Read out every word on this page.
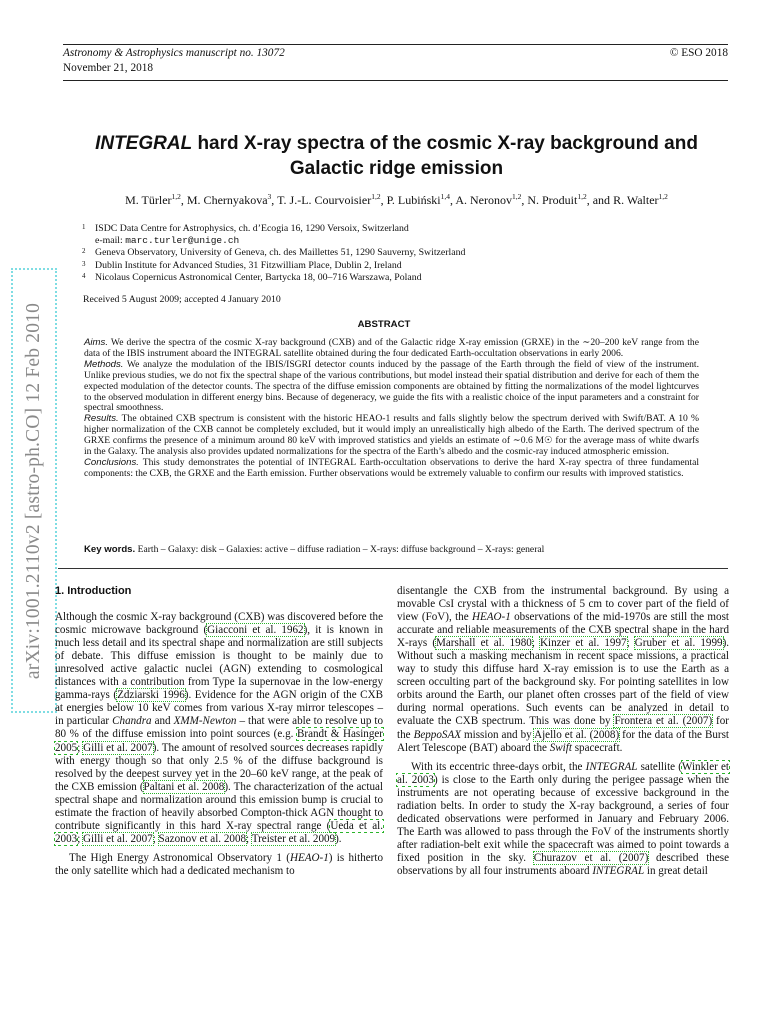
Astronomy & Astrophysics manuscript no. 13072
November 21, 2018
© ESO 2018
arXiv:1001.2110v2 [astro-ph.CO] 12 Feb 2010
INTEGRAL hard X-ray spectra of the cosmic X-ray background and
Galactic ridge emission
M. Türler$^{1,2}$, M. Chernyakova$^3$, T. J.-L. Courvoisier$^{1,2}$, P. Lubiński$^{1,4}$, A. Neronov$^{1,2}$, N. Produit$^{1,2}$, and R. Walter$^{1,2}$
1 ISDC Data Centre for Astrophysics, ch. d’Ecogia 16, 1290 Versoix, Switzerland
e-mail: marc.turler@unige.ch
2 Geneva Observatory, University of Geneva, ch. des Maillettes 51, 1290 Sauverny, Switzerland
3 Dublin Institute for Advanced Studies, 31 Fitzwilliam Place, Dublin 2, Ireland
4 Nicolaus Copernicus Astronomical Center, Bartycka 18, 00–716 Warszawa, Poland
Received 5 August 2009; accepted 4 January 2010
ABSTRACT

Aims. We derive the spectra of the cosmic X-ray background (CXB) and of the Galactic ridge X-ray emission (GRXE) in the ∼20–200 keV range from the data of the IBIS instrument aboard the INTEGRAL satellite obtained during the four dedicated Earth-occultation observations in early 2006.

Methods. We analyze the modulation of the IBIS/ISGRI detector counts induced by the passage of the Earth through the field of view of the instrument. Unlike previous studies, we do not fix the spectral shape of the various contributions, but model instead their spatial distribution and derive for each of them the expected modulation of the detector counts. The spectra of the diffuse emission components are obtained by fitting the normalizations of the model lightcurves to the observed modulation in different energy bins. Because of degeneracy, we guide the fits with a realistic choice of the input parameters and a constraint for spectral smoothness.

Results. The obtained CXB spectrum is consistent with the historic HEAO-1 results and falls slightly below the spectrum derived with Swift/BAT. A 10 % higher normalization of the CXB cannot be completely excluded, but it would imply an unrealistically high albedo of the Earth. The derived spectrum of the GRXE confirms the presence of a minimum around 80 keV with improved statistics and yields an estimate of ∼0.6 M☉ for the average mass of white dwarfs in the Galaxy. The analysis also provides updated normalizations for the spectra of the Earth’s albedo and the cosmic-ray induced atmospheric emission.

Conclusions. This study demonstrates the potential of INTEGRAL Earth-occultation observations to derive the hard X-ray spectra of three fundamental components: the CXB, the GRXE and the Earth emission. Further observations would be extremely valuable to confirm our results with improved statistics.

Key words. Earth – Galaxy: disk – Galaxies: active – diffuse radiation – X-rays: diffuse background – X-rays: general

1. Introduction

Although the cosmic X-ray background (CXB) was discovered before the cosmic microwave background (Giacconi et al. 1962), it is known in much less detail and its spectral shape and normalization are still subjects of debate. This diffuse emission is thought to be mainly due to unresolved active galactic nuclei (AGN) extending to cosmological distances with a contribution from Type Ia supernovae in the low-energy gamma-rays (Zdziarski 1996). Evidence for the AGN origin of the CXB at energies below 10 keV comes from various X-ray mirror telescopes – in particular Chandra and XMM-Newton – that were able to resolve up to 80 % of the diffuse emission into point sources (e.g. Brandt & Hasinger 2005; Gilli et al. 2007). The amount of resolved sources decreases rapidly with energy though so that only 2.5 % of the diffuse background is resolved by the deepest survey yet in the 20–60 keV range, at the peak of the CXB emission (Paltani et al. 2008). The characterization of the actual spectral shape and normalization around this emission bump is crucial to estimate the fraction of heavily absorbed Compton-thick AGN thought to contribute significantly in this hard X-ray spectral range (Ueda et al. 2003; Gilli et al. 2007; Sazonov et al. 2008; Treister et al. 2009).

The High Energy Astronomical Observatory 1 (HEAO-1) is hitherto the only satellite which had a dedicated mechanism to

disentangle the CXB from the instrumental background. By using a movable CsI crystal with a thickness of 5 cm to cover part of the field of view (FoV), the HEAO-1 observations of the mid-1970s are still the most accurate and reliable measurements of the CXB spectral shape in the hard X-rays (Marshall et al. 1980; Kinzer et al. 1997; Gruber et al. 1999). Without such a masking mechanism in recent space missions, a practical way to study this diffuse hard X-ray emission is to use the Earth as a screen occulting part of the background sky. For pointing satellites in low orbits around the Earth, our planet often crosses part of the field of view during normal operations. Such events can be analyzed in detail to evaluate the CXB spectrum. This was done by Frontera et al. (2007) for the BeppoSAX mission and by Ajello et al. (2008) for the data of the Burst Alert Telescope (BAT) aboard the Swift spacecraft.

With its eccentric three-days orbit, the INTEGRAL satellite (Winkler et al. 2003) is close to the Earth only during the perigee passage when the instruments are not operating because of excessive background in the radiation belts. In order to study the X-ray background, a series of four dedicated observations were performed in January and February 2006. The Earth was allowed to pass through the FoV of the instruments shortly after radiation-belt exit while the spacecraft was aimed to point towards a fixed position in the sky. Churazov et al. (2007) described these observations by all four instruments aboard INTEGRAL in great detail
